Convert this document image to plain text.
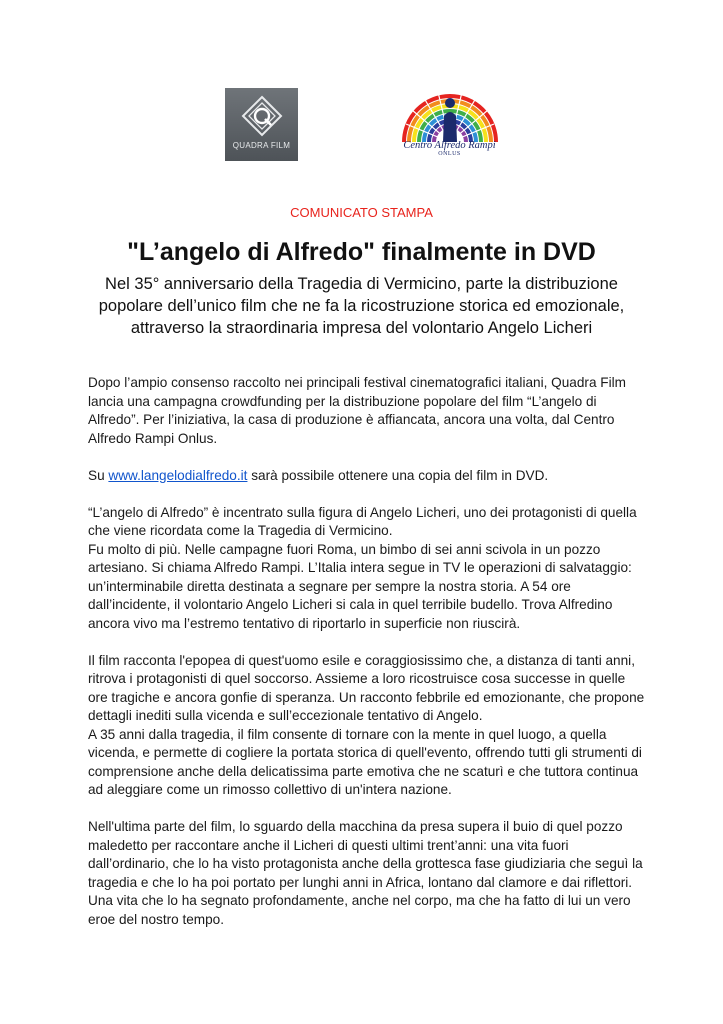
QUADRA FILM	Centro Alfredo Rampi
ONLUS
COMUNICATO STAMPA
"L’angelo di Alfredo" finalmente in DVD
Nel 35° anniversario della Tragedia di Vermicino, parte la distribuzione popolare dell’unico film che ne fa la ricostruzione storica ed emozionale, attraverso la straordinaria impresa del volontario Angelo Licheri

Dopo l’ampio consenso raccolto nei principali festival cinematografici italiani, Quadra Film lancia una campagna crowdfunding per la distribuzione popolare del film “L’angelo di Alfredo”. Per l’iniziativa, la casa di produzione è affiancata, ancora una volta, dal Centro Alfredo Rampi Onlus.

Su www.langelodialfredo.it sarà possibile ottenere una copia del film in DVD.

“L’angelo di Alfredo” è incentrato sulla figura di Angelo Licheri, uno dei protagonisti di quella che viene ricordata come la Tragedia di Vermicino.
Fu molto di più. Nelle campagne fuori Roma, un bimbo di sei anni scivola in un pozzo artesiano. Si chiama Alfredo Rampi. L’Italia intera segue in TV le operazioni di salvataggio: un’interminabile diretta destinata a segnare per sempre la nostra storia. A 54 ore dall’incidente, il volontario Angelo Licheri si cala in quel terribile budello. Trova Alfredino ancora vivo ma l’estremo tentativo di riportarlo in superficie non riuscirà.

Il film racconta l'epopea di quest'uomo esile e coraggiosissimo che, a distanza di tanti anni, ritrova i protagonisti di quel soccorso. Assieme a loro ricostruisce cosa successe in quelle ore tragiche e ancora gonfie di speranza. Un racconto febbrile ed emozionante, che propone dettagli inediti sulla vicenda e sull’eccezionale tentativo di Angelo.
A 35 anni dalla tragedia, il film consente di tornare con la mente in quel luogo, a quella vicenda, e permette di cogliere la portata storica di quell'evento, offrendo tutti gli strumenti di comprensione anche della delicatissima parte emotiva che ne scaturì e che tuttora continua ad aleggiare come un rimosso collettivo di un'intera nazione.

Nell'ultima parte del film, lo sguardo della macchina da presa supera il buio di quel pozzo maledetto per raccontare anche il Licheri di questi ultimi trent’anni: una vita fuori dall’ordinario, che lo ha visto protagonista anche della grottesca fase giudiziaria che seguì la tragedia e che lo ha poi portato per lunghi anni in Africa, lontano dal clamore e dai riflettori. Una vita che lo ha segnato profondamente, anche nel corpo, ma che ha fatto di lui un vero eroe del nostro tempo.
